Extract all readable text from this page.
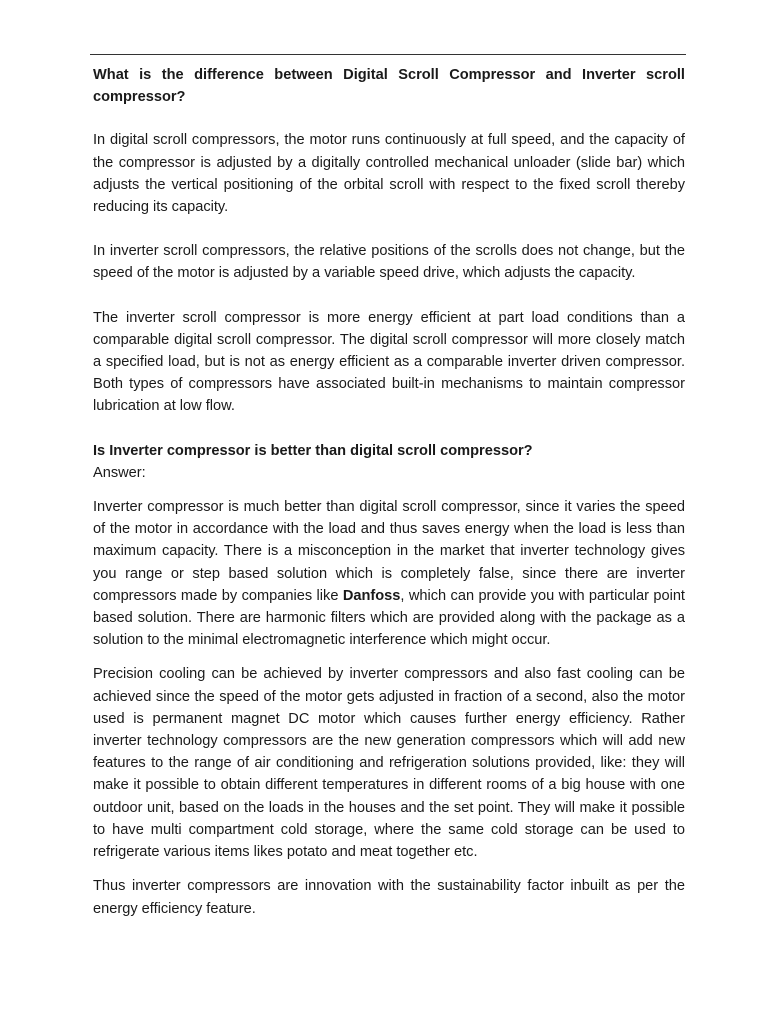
What is the difference between Digital Scroll Compressor and Inverter scroll compressor?

In digital scroll compressors, the motor runs continuously at full speed, and the capacity of the compressor is adjusted by a digitally controlled mechanical unloader (slide bar) which adjusts the vertical positioning of the orbital scroll with respect to the fixed scroll thereby reducing its capacity.

In inverter scroll compressors, the relative positions of the scrolls does not change, but the speed of the motor is adjusted by a variable speed drive, which adjusts the capacity.

The inverter scroll compressor is more energy efficient at part load conditions than a comparable digital scroll compressor. The digital scroll compressor will more closely match a specified load, but is not as energy efficient as a comparable inverter driven compressor. Both types of compressors have associated built-in mechanisms to maintain compressor lubrication at low flow.

Is Inverter compressor is better than digital scroll compressor?

Answer:

Inverter compressor is much better than digital scroll compressor, since it varies the speed of the motor in accordance with the load and thus saves energy when the load is less than maximum capacity. There is a misconception in the market that inverter technology gives you range or step based solution which is completely false, since there are inverter compressors made by companies like Danfoss, which can provide you with particular point based solution. There are harmonic filters which are provided along with the package as a solution to the minimal electromagnetic interference which might occur.

Precision cooling can be achieved by inverter compressors and also fast cooling can be achieved since the speed of the motor gets adjusted in fraction of a second, also the motor used is permanent magnet DC motor which causes further energy efficiency. Rather inverter technology compressors are the new generation compressors which will add new features to the range of air conditioning and refrigeration solutions provided, like: they will make it possible to obtain different temperatures in different rooms of a big house with one outdoor unit, based on the loads in the houses and the set point. They will make it possible to have multi compartment cold storage, where the same cold storage can be used to refrigerate various items likes potato and meat together etc.

Thus inverter compressors are innovation with the sustainability factor inbuilt as per the energy efficiency feature.
